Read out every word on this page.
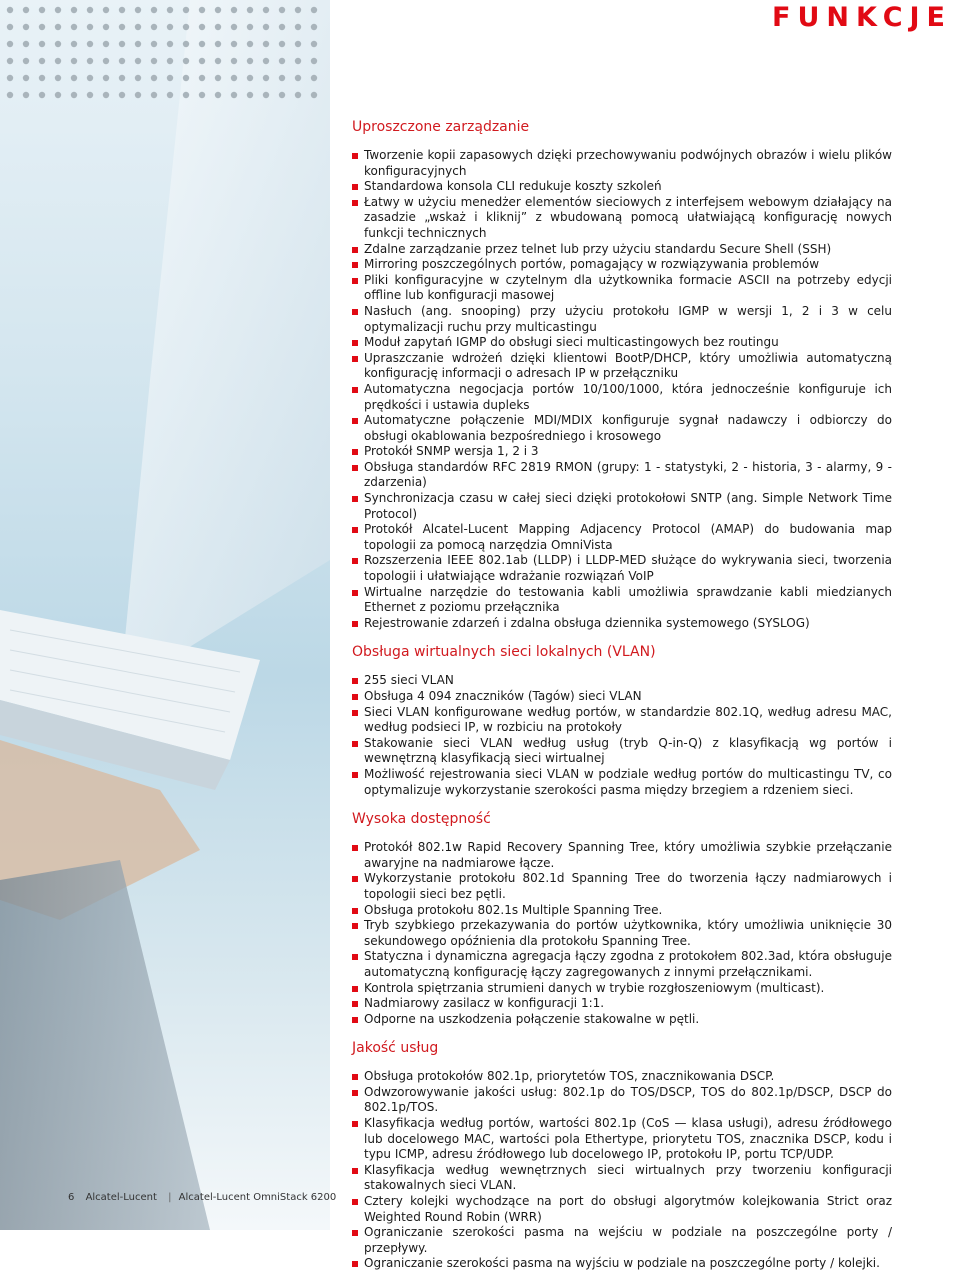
FUNKCJE
Uproszczone zarządzanie
Tworzenie kopii zapasowych dzięki przechowywaniu podwójnych obrazów i wielu plików konfiguracyjnych
Standardowa konsola CLI redukuje koszty szkoleń
Łatwy w użyciu menedżer elementów sieciowych z interfejsem webowym działający na zasadzie „wskaż i kliknij” z wbudowaną pomocą ułatwiającą konfigurację nowych funkcji technicznych
Zdalne zarządzanie przez telnet lub przy użyciu standardu Secure Shell (SSH)
Mirroring poszczególnych portów, pomagający w rozwiązywania problemów
Pliki konfiguracyjne w czytelnym dla użytkownika formacie ASCII na potrzeby edycji offline lub konfiguracji masowej
Nasłuch (ang. snooping) przy użyciu protokołu IGMP w wersji 1, 2 i 3 w celu optymalizacji ruchu przy multicastingu
Moduł zapytań IGMP do obsługi sieci multicastingowych bez routingu
Upraszczanie wdrożeń dzięki klientowi BootP/DHCP, który umożliwia automatyczną konfigurację informacji o adresach IP w przełączniku
Automatyczna negocjacja portów 10/100/1000, która jednocześnie konfiguruje ich prędkości i ustawia dupleks
Automatyczne połączenie MDI/MDIX konfiguruje sygnał nadawczy i odbiorczy do obsługi okablowania bezpośredniego i krosowego
Protokół SNMP wersja 1, 2 i 3
Obsługa standardów RFC 2819 RMON (grupy: 1 - statystyki, 2 - historia, 3 - alarmy, 9 - zdarzenia)
Synchronizacja czasu w całej sieci dzięki protokołowi SNTP (ang. Simple Network Time Protocol)
Protokół Alcatel-Lucent Mapping Adjacency Protocol (AMAP) do budowania map topologii za pomocą narzędzia OmniVista
Rozszerzenia IEEE 802.1ab (LLDP) i LLDP-MED służące do wykrywania sieci, tworzenia topologii i ułatwiające wdrażanie rozwiązań VoIP
Wirtualne narzędzie do testowania kabli umożliwia sprawdzanie kabli miedzianych Ethernet z poziomu przełącznika
Rejestrowanie zdarzeń i zdalna obsługa dziennika systemowego (SYSLOG)
Obsługa wirtualnych sieci lokalnych (VLAN)
255 sieci VLAN
Obsługa 4 094 znaczników (Tagów) sieci VLAN
Sieci VLAN konfigurowane według portów, w standardzie 802.1Q, według adresu MAC, według podsieci IP, w rozbiciu na protokoły
Stakowanie sieci VLAN według usług (tryb Q-in-Q) z klasyfikacją wg portów i wewnętrzną klasyfikacją sieci wirtualnej
Możliwość rejestrowania sieci VLAN w podziale według portów do multicastingu TV, co optymalizuje wykorzystanie szerokości pasma między brzegiem a rdzeniem sieci.
Wysoka dostępność
Protokół 802.1w Rapid Recovery Spanning Tree, który umożliwia szybkie przełączanie awaryjne na nadmiarowe łącze.
Wykorzystanie protokołu 802.1d Spanning Tree do tworzenia łączy nadmiarowych i topologii sieci bez pętli.
Obsługa protokołu 802.1s Multiple Spanning Tree.
Tryb szybkiego przekazywania do portów użytkownika, który umożliwia uniknięcie 30 sekundowego opóźnienia dla protokołu Spanning Tree.
Statyczna i dynamiczna agregacja łączy zgodna z protokołem 802.3ad, która obsługuje automatyczną konfigurację łączy zagregowanych z innymi przełącznikami.
Kontrola spiętrzania strumieni danych w trybie rozgłoszeniowym (multicast).
Nadmiarowy zasilacz w konfiguracji 1:1.
Odporne na uszkodzenia połączenie stakowalne w pętli.
Jakość usług
Obsługa protokołów 802.1p, priorytetów TOS, znacznikowania DSCP.
Odwzorowywanie jakości usług: 802.1p do TOS/DSCP, TOS do 802.1p/DSCP, DSCP do 802.1p/TOS.
Klasyfikacja według portów, wartości 802.1p (CoS — klasa usługi), adresu źródłowego lub docelowego MAC, wartości pola Ethertype, priorytetu TOS, znacznika DSCP, kodu i typu ICMP, adresu źródłowego lub docelowego IP, protokołu IP, portu TCP/UDP.
Klasyfikacja według wewnętrznych sieci wirtualnych przy tworzeniu konfiguracji stakowalnych sieci VLAN.
Cztery kolejki wychodzące na port do obsługi algorytmów kolejkowania Strict oraz Weighted Round Robin (WRR)
Ograniczanie szerokości pasma na wejściu w podziale na poszczególne porty / przepływy.
Ograniczanie szerokości pasma na wyjściu w podziale na poszczególne porty / kolejki.
6 Alcatel-Lucent | Alcatel-Lucent OmniStack 6200
